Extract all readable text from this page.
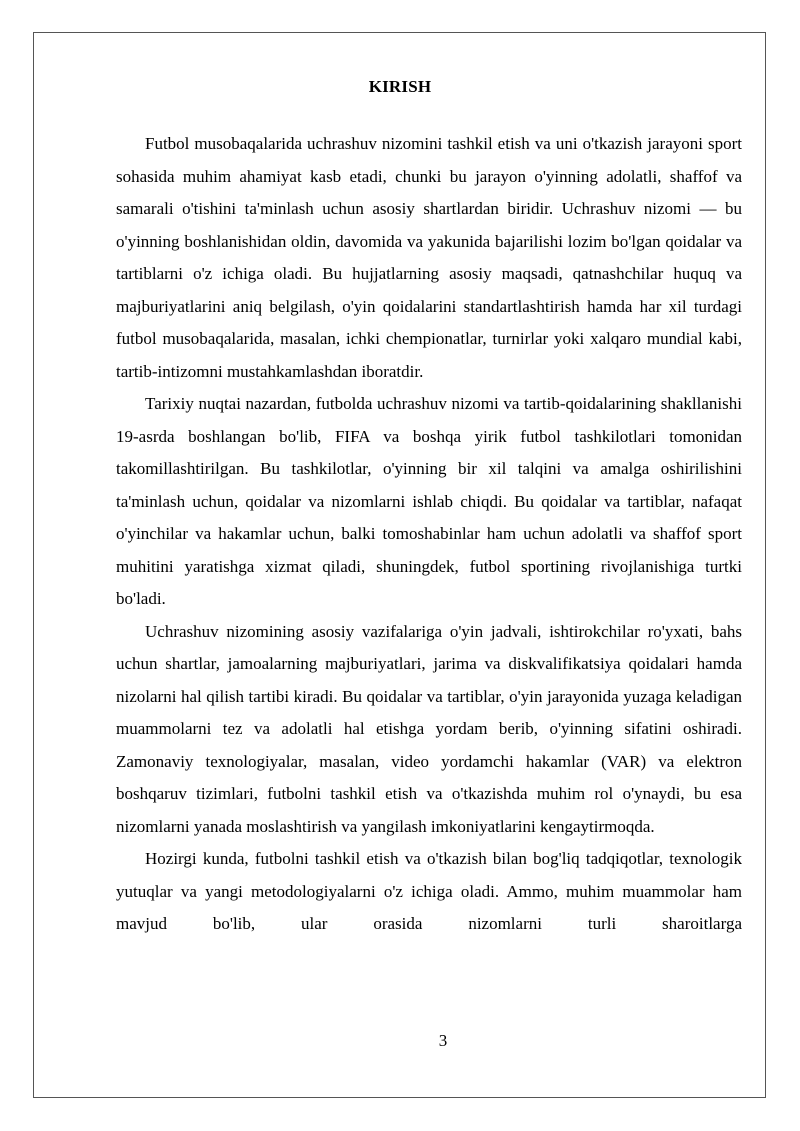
KIRISH

Futbol musobaqalarida uchrashuv nizomini tashkil etish va uni o'tkazish jarayoni sport sohasida muhim ahamiyat kasb etadi, chunki bu jarayon o'yinning adolatli, shaffof va samarali o'tishini ta'minlash uchun asosiy shartlardan biridir. Uchrashuv nizomi — bu o'yinning boshlanishidan oldin, davomida va yakunida bajarilishi lozim bo'lgan qoidalar va tartiblarni o'z ichiga oladi. Bu hujjatlarning asosiy maqsadi, qatnashchilar huquq va majburiyatlarini aniq belgilash, o'yin qoidalarini standartlashtirish hamda har xil turdagi futbol musobaqalarida, masalan, ichki chempionatlar, turnirlar yoki xalqaro mundial kabi, tartib-intizomni mustahkamlashdan iboratdir.

Tarixiy nuqtai nazardan, futbolda uchrashuv nizomi va tartib-qoidalarining shakllanishi 19-asrda boshlangan bo'lib, FIFA va boshqa yirik futbol tashkilotlari tomonidan takomillashtirilgan. Bu tashkilotlar, o'yinning bir xil talqini va amalga oshirilishini ta'minlash uchun, qoidalar va nizomlarni ishlab chiqdi. Bu qoidalar va tartiblar, nafaqat o'yinchilar va hakamlar uchun, balki tomoshabinlar ham uchun adolatli va shaffof sport muhitini yaratishga xizmat qiladi, shuningdek, futbol sportining rivojlanishiga turtki bo'ladi.

Uchrashuv nizomining asosiy vazifalariga o'yin jadvali, ishtirokchilar ro'yxati, bahs uchun shartlar, jamoalarning majburiyatlari, jarima va diskvalifikatsiya qoidalari hamda nizolarni hal qilish tartibi kiradi. Bu qoidalar va tartiblar, o'yin jarayonida yuzaga keladigan muammolarni tez va adolatli hal etishga yordam berib, o'yinning sifatini oshiradi. Zamonaviy texnologiyalar, masalan, video yordamchi hakamlar (VAR) va elektron boshqaruv tizimlari, futbolni tashkil etish va o'tkazishda muhim rol o'ynaydi, bu esa nizomlarni yanada moslashtirish va yangilash imkoniyatlarini kengaytirmoqda.

Hozirgi kunda, futbolni tashkil etish va o'tkazish bilan bog'liq tadqiqotlar, texnologik yutuqlar va yangi metodologiyalarni o'z ichiga oladi. Ammo, muhim muammolar ham mavjud bo'lib, ular orasida nizomlarni turli sharoitlarga

3
